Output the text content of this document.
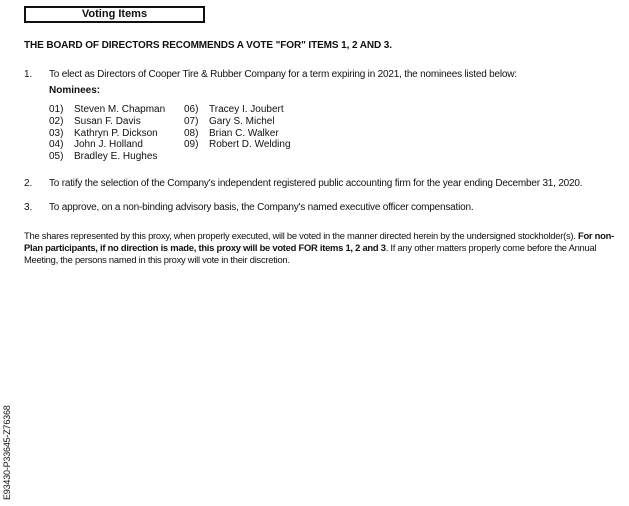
Voting Items
THE BOARD OF DIRECTORS RECOMMENDS A VOTE "FOR" ITEMS 1, 2 AND 3.
1. To elect as Directors of Cooper Tire & Rubber Company for a term expiring in 2021, the nominees listed below:
Nominees:
01) Steven M. Chapman
02) Susan F. Davis
03) Kathryn P. Dickson
04) John J. Holland
05) Bradley E. Hughes
06) Tracey I. Joubert
07) Gary S. Michel
08) Brian C. Walker
09) Robert D. Welding
2. To ratify the selection of the Company's independent registered public accounting firm for the year ending December 31, 2020.
3. To approve, on a non-binding advisory basis, the Company's named executive officer compensation.
The shares represented by this proxy, when properly executed, will be voted in the manner directed herein by the undersigned stockholder(s). For non-Plan participants, if no direction is made, this proxy will be voted FOR items 1, 2 and 3. If any other matters properly come before the Annual Meeting, the persons named in this proxy will vote in their discretion.
E93430-P33645-Z76368
